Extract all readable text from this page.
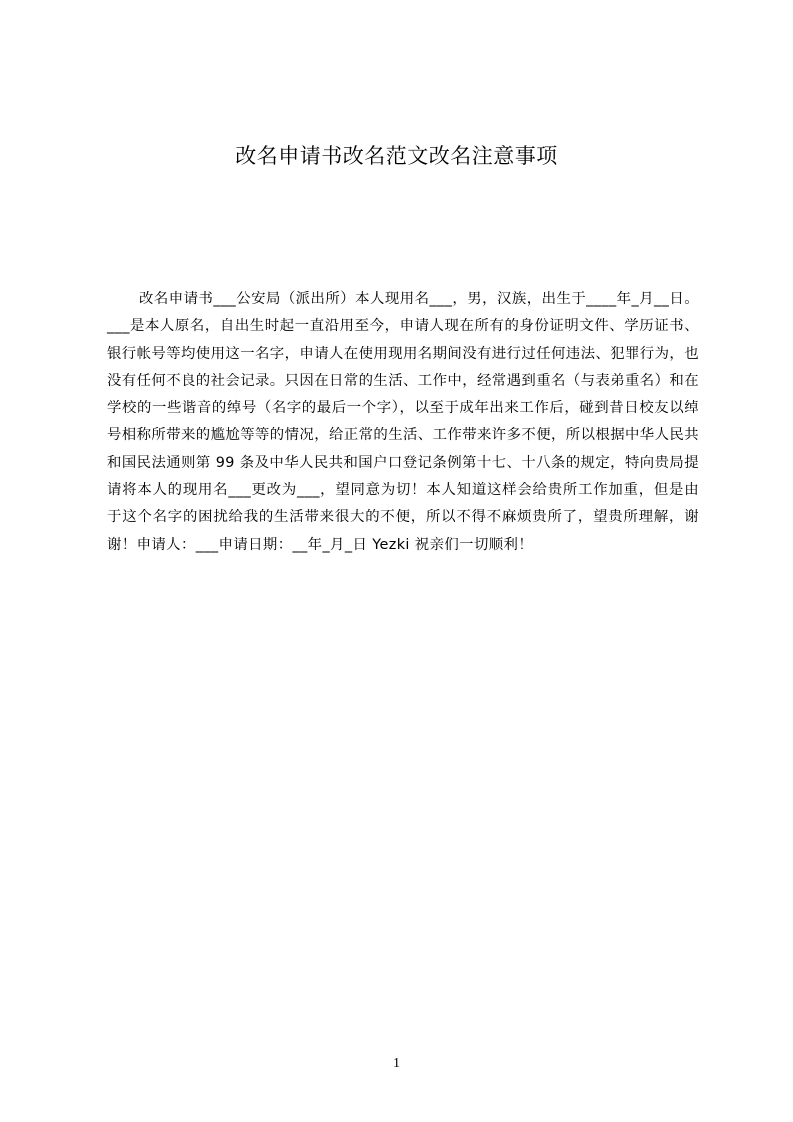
改名申请书改名范文改名注意事项

改名申请书___公安局（派出所）本人现用名___，男，汉族，出生于____年_月__日。___是本人原名，自出生时起一直沿用至今，申请人现在所有的身份证明文件、学历证书、银行帐号等均使用这一名字，申请人在使用现用名期间没有进行过任何违法、犯罪行为，也没有任何不良的社会记录。只因在日常的生活、工作中，经常遇到重名（与表弟重名）和在学校的一些谐音的绰号（名字的最后一个字），以至于成年出来工作后，碰到昔日校友以绰号相称所带来的尴尬等等的情况，给正常的生活、工作带来许多不便，所以根据中华人民共和国民法通则第 99 条及中华人民共和国户口登记条例第十七、十八条的规定，特向贵局提请将本人的现用名___更改为___，望同意为切！本人知道这样会给贵所工作加重，但是由于这个名字的困扰给我的生活带来很大的不便，所以不得不麻烦贵所了，望贵所理解，谢谢！申请人：___申请日期：__年_月_日 Yezki 祝亲们一切顺利！

1
